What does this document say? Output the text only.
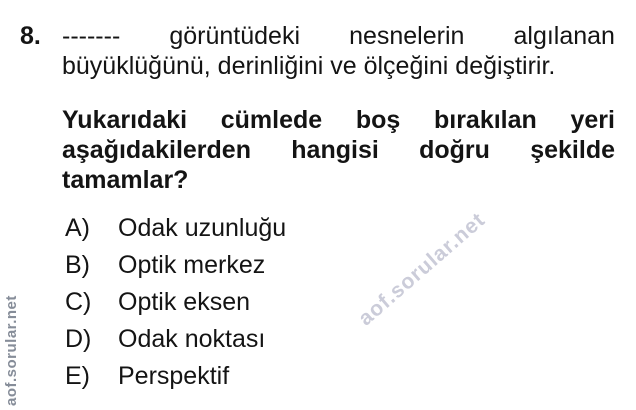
8. ------- görüntüdeki nesnelerin algılanan
büyüklüğünü, derinliğini ve ölçeğini değiştirir.
Yukarıdaki cümlede boş bırakılan yeri
aşağıdakilerden hangisi doğru şekilde
tamamlar?
A)	Odak uzunluğu
B)	Optik merkez
C)	Optik eksen
D)	Odak noktası
E)	Perspektif
aof.sorular.net
aof.sorular.net
